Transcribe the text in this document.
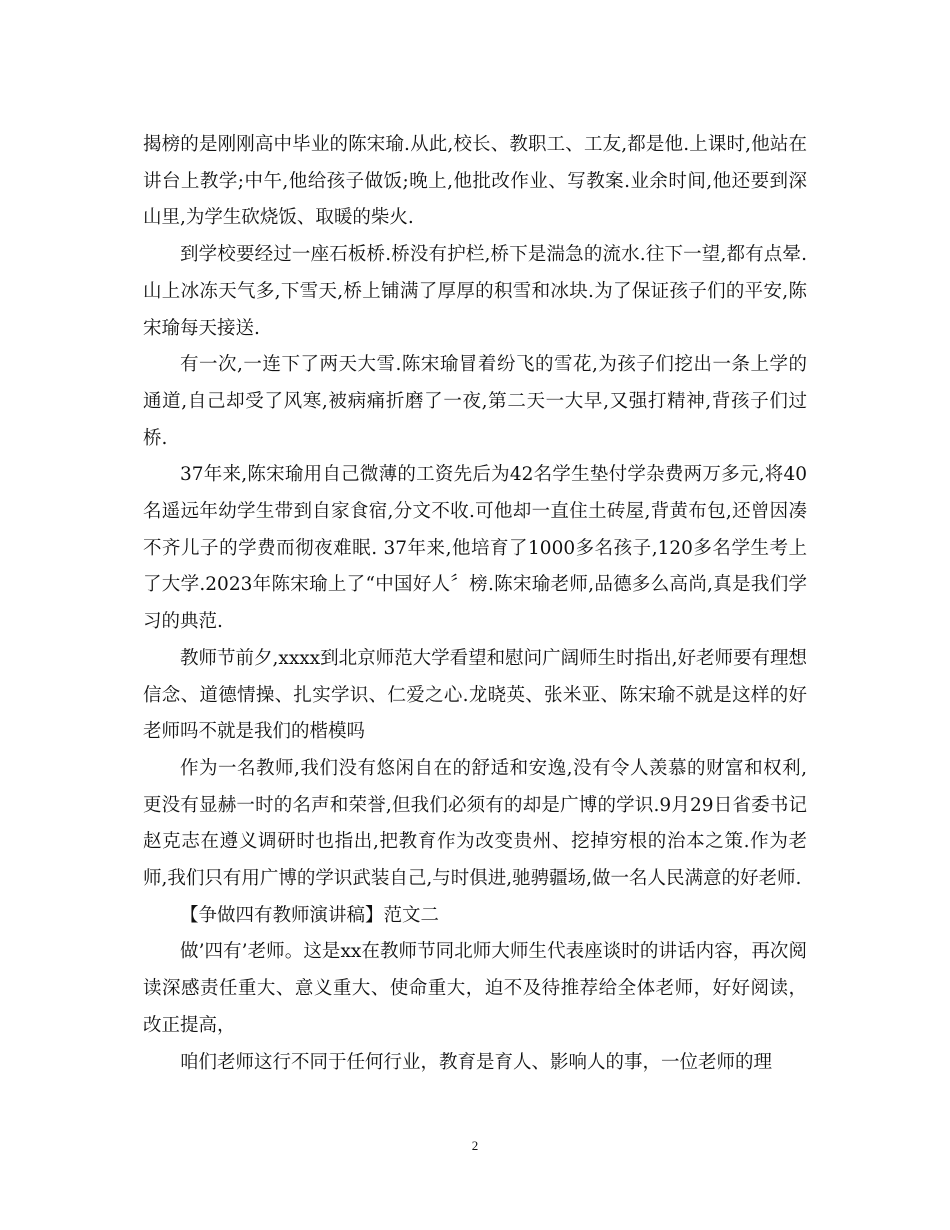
揭榜的是刚刚高中毕业的陈宋瑜.从此,校长、教职工、工友,都是他.上课时,他站在讲台上教学;中午,他给孩子做饭;晚上,他批改作业、写教案.业余时间,他还要到深山里,为学生砍烧饭、取暖的柴火.

到学校要经过一座石板桥.桥没有护栏,桥下是湍急的流水.往下一望,都有点晕.山上冰冻天气多,下雪天,桥上铺满了厚厚的积雪和冰块.为了保证孩子们的平安,陈宋瑜每天接送.

有一次,一连下了两天大雪.陈宋瑜冒着纷飞的雪花,为孩子们挖出一条上学的通道,自己却受了风寒,被病痛折磨了一夜,第二天一大早,又强打精神,背孩子们过桥.

37年来,陈宋瑜用自己微薄的工资先后为42名学生垫付学杂费两万多元,将40名遥远年幼学生带到自家食宿,分文不收.可他却一直住土砖屋,背黄布包,还曾因凑不齐儿子的学费而彻夜难眠. 37年来,他培育了1000多名孩子,120多名学生考上了大学.2023年陈宋瑜上了“中国好人〞榜.陈宋瑜老师,品德多么高尚,真是我们学习的典范.

教师节前夕,xxxx到北京师范大学看望和慰问广阔师生时指出,好老师要有理想信念、道德情操、扎实学识、仁爱之心.龙晓英、张米亚、陈宋瑜不就是这样的好老师吗不就是我们的楷模吗

作为一名教师,我们没有悠闲自在的舒适和安逸,没有令人羡慕的财富和权利,更没有显赫一时的名声和荣誉,但我们必须有的却是广博的学识.9月29日省委书记赵克志在遵义调研时也指出,把教育作为改变贵州、挖掉穷根的治本之策.作为老师,我们只有用广博的学识武装自己,与时俱进,驰骋疆场,做一名人民满意的好老师.

【争做四有教师演讲稿】范文二

做’四有’老师。这是xx在教师节同北师大师生代表座谈时的讲话内容，再次阅读深感责任重大、意义重大、使命重大，迫不及待推荐给全体老师，好好阅读，改正提高，

咱们老师这行不同于任何行业，教育是育人、影响人的事，一位老师的理

2
